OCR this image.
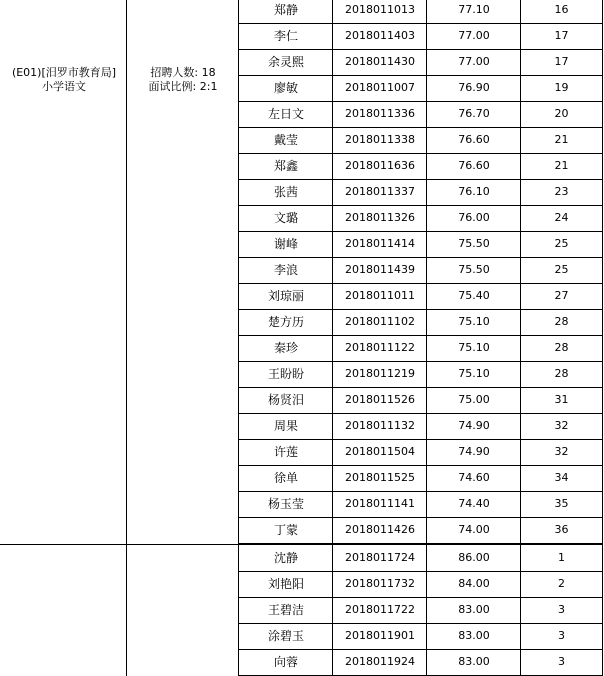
(E01)[汨罗市教育局]
小学语文
招聘人数: 18
面试比例: 2:1
郑静	2018011013	77.10	16
李仁	2018011403	77.00	17
余灵熙	2018011430	77.00	17
廖敏	2018011007	76.90	19
左日文	2018011336	76.70	20
戴莹	2018011338	76.60	21
郑鑫	2018011636	76.60	21
张茜	2018011337	76.10	23
文璐	2018011326	76.00	24
谢峰	2018011414	75.50	25
李浪	2018011439	75.50	25
刘琼丽	2018011011	75.40	27
楚方历	2018011102	75.10	28
秦珍	2018011122	75.10	28
王盼盼	2018011219	75.10	28
杨贤汨	2018011526	75.00	31
周果	2018011132	74.90	32
许莲	2018011504	74.90	32
徐单	2018011525	74.60	34
杨玉莹	2018011141	74.40	35
丁蒙	2018011426	74.00	36
沈静	2018011724	86.00	1
刘艳阳	2018011732	84.00	2
王碧洁	2018011722	83.00	3
涂碧玉	2018011901	83.00	3
向蓉	2018011924	83.00	3
